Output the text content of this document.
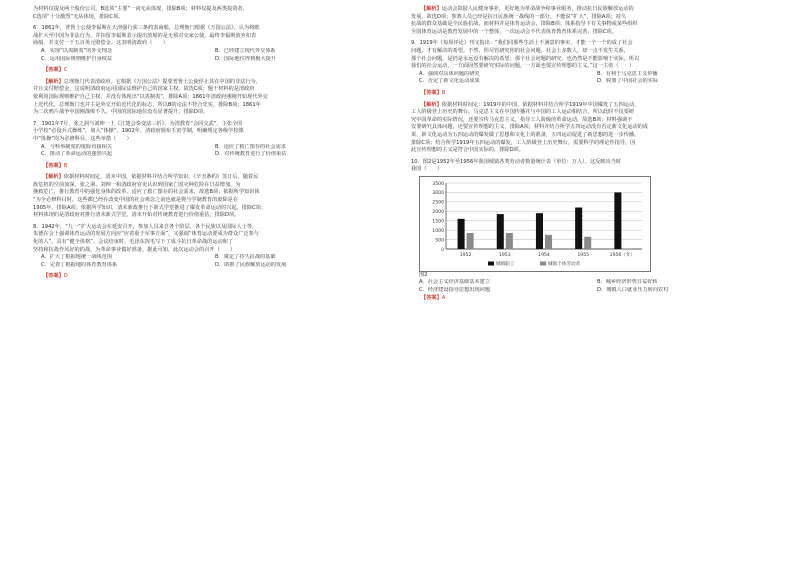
为材料仅提及两个股份公司，B选项“主要”一词无从体现，排除B项；材料仅提及两类投资者，

C选项“十分激烈”无从体现，排除C项。

6．1861年，普鲁士公使李福斯在天津强行获三条约表商船，总理衙门根据《万国公法》，认为将欧

战扩大至中国为非法行为，并扣留李福斯表示提出放船的是无须对交家公使，最终李福斯放弃扣表

商船，并支付一千五百英元赔偿金。这表明清政府（　　）

A．实现“以夷制夷”的外交理念	B．已经建立现代外交体系
C．运用国际规则维护自身权益	D．国际地位得到极大提升

【答案】C

【解析】总理衙门代表清政府，它根据《万国公法》提要普鲁士公使停止其在中国的非法行为，

并且支付赔偿金，这说明清政府运用国际法维护自己的国家主权，故选C项；题干材料的是清政府

依利用国际规则维护自己主权，并没有体现出“以夷制夷”，排除A项；1861年清政府刚刚开始现代外交

上近代化，总理衙门也并主是外交开始近代化的标志，所以B的论法不符合史实，排除B项；1861年

为二次鸦片战争中国刚战败不久，中国的国际地位没有显著提升，排除D项。

7．1901年7月，张之洞与刘坤一上《江楚会奏变法三折》，为清教育“会同交武”，主张全国

小学校“必设兵式操练”，加入“体操”，1902年，清政府颁布壬寅学制，明确规定各级学校课

中“体操”均为必修科目。这些举措（　　）

A．与科举制度的废除直接相关	B．适应了救亡图存的社会需求
C．推动了革命运动的蓬勃兴起	D．对传统教育进行了价值重估

【答案】B

【解析】依据材料时间定，清末中国，依据材料并结合所学知识，《辛丑条约》签订后，随着民

族危机的空前加深，张之洞、刘坤一和清政府官吏认识到国家亡国灭种危险在日益增加，为

挽救危亡，推行教育中的强化身体的改革，适应了救亡图存的社会需求，故选B项；依据所学知识体

“为全必修科目时，这些都已经在改变中国的社会观念之前也就是将与学制教育的废除是在

1905年，排除A项；依据所学知识，清末新政推行下新式学堂推进了爆发革命运动的兴起，排除C项；

材料体现的是清政府对推行清末新式学堂，清末开始对传统教育进行价值重估，排除D项。

8．1942年，“九一”扩大运动会在延安召开，参加人员来自各个阶层、各个民族以及国际人士等。

朱德在会上强调体育运动的发展方向应“应着重于军事方面”，又强调“体育运动要成为群众广泛参与

化的人”，具有“健全体格”。会议结束时，毛泽东挥毛写下了成斗抗日革命战的运动和了

坚持和抗战作风好的的战，为革命事业做好准备。据此可知，此次运动会的召开（　　）

A．扩大了根据地统一战线范围	B．奠定了持久抗战的基础
C．完善了根据地的体育教育体系	D．助推了民族解放运动的发展

【答案】D

【解析】运动会鼓励人民健身事业，更好地为革命战争和事业服务，推动抗日民族解放运动的

发展，故选D项；参赛人员已经是抗日民族统一战线的一部分，不能说“扩大”，排除A项；持久

抗战的群众基础是全民族抗战，而材料并是体育运动会，排除B项；体系指导下有关事物或某些组织

全国体育运动是教育发展中的一个整体，一次运动会不代表体育教育体系完善，排除C项。

9．1919年《每周评论》刊文指出：“我们同那些生活上不满意的事实，才能一个一个的成了社会

问题，才有解决的希望。不然，你尽管研究你的社会问题，社会上多数人，却一点不发生关系，

那个社会问题，是仍是永远没有解决的希望；那个社会问题的研究，也仍然是不能影响于实际。所以

我们的社会运动，一方面固然要研究实际的问题，一方面也要宣传理想的主义。”这一主张（　　）

A．强调对具体问题的研究	B．有利于马克思主义传播
C．否定了新文化运动成果	D．脱离了中国社会的实际

【答案】B

【解析】依据材料时间定：1919年的中国，依据材料并结合所学1919年中国爆发了五四运动，

工人阶级登上历史的舞台，马克思主义在中国传播并与中国的工人运动相结合，所以此时不仅要研

究中国革命的实际情况，还要宣传马克思主义，指导工人阶级的革命运动，故选B项；材料强调不

仅要研究具体问题，还要宣传理想的主义，排除A项；材料并结合所学五四运动没有否定新文化运动的成

果，新文化运动为五四运动的爆发做了思想和文化上的准备，五四运动促进了新思想的进一步传播，

排除C项；结合所学1919年五四运动的爆发，工人阶级登上历史舞台，需要科学的理论作指导，因

此宣传理想的主义是符合中国实际的，排除D项。

10．图2是1952年至1956年我国城镇各类劳动者数量统计表（单位：万人）。这反映出当时

我国（　　）

0
500
1000
1500
2000
2500
3000
3500
1952	1953	1954	1955	1956（年）
城镇职工	城镇个体劳动者

图2

A．社会主义经济基础基本建立	B．城乡经济形势日益好转
C．经济建设指导思想出现问题	D．城镇人口就业压力转向农村

【答案】A
